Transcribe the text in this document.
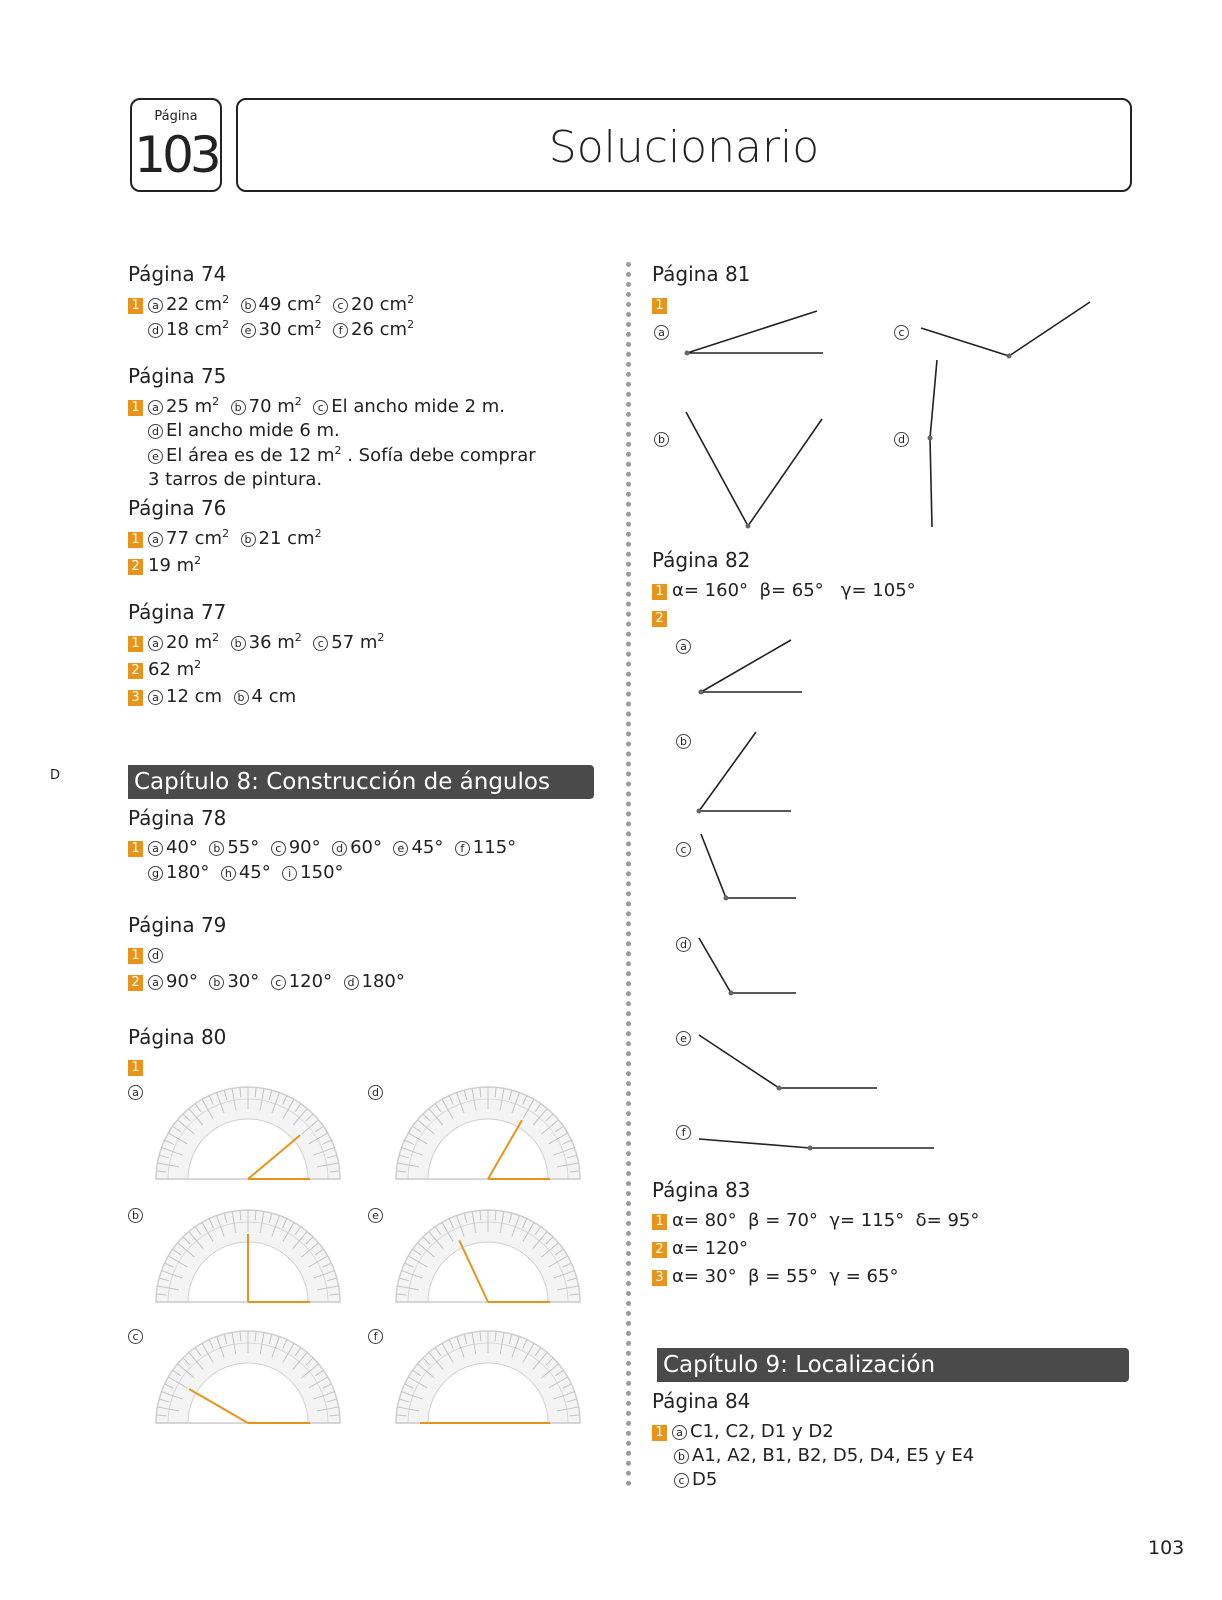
Página
103	Solucionario
D
103
Página 74
1 a 22 $cm^2$ b 49 $cm^2$ c 20 $cm^2$
d 18 $cm^2$ e 30 $cm^2$ f 26 $cm^2$
Página 75
1 a 25 $m^2$ b 70 $m^2$ c El ancho mide 2 m.
d El ancho mide 6 m.
e El área es de 12 $m^2$ . Sofía debe comprar
3 tarros de pintura.
Página 76
1 a 77 $cm^2$ b 21 $cm^2$
2 19 $m^2$
Página 77
1 a 20 $m^2$ b 36 $m^2$ c 57 $m^2$
2 62 $m^2$
3 a 12 cm b 4 cm
Capítulo 8: Construcción de ángulos
Página 78
1 a 40° b 55° c 90° d 60° e 45° f 115°
g 180° h 45° i 150°
Página 79
1 d
2 a 90° b 30° c 120° d 180°
Página 80
1
a	d
b	e
c	f
Página 81
1
a
b
c
d
Página 82
1 α= 160°  β= 65°   γ= 105°
2
a
b
c
d
e
f
Página 83
1 α= 80°  β = 70°  γ= 115°  δ= 95°
2 α= 120°
3 α= 30°  β = 55°  γ = 65°
Capítulo 9: Localización
Página 84
1 a C1, C2, D1 y D2
b A1, A2, B1, B2, D5, D4, E5 y E4
c D5
